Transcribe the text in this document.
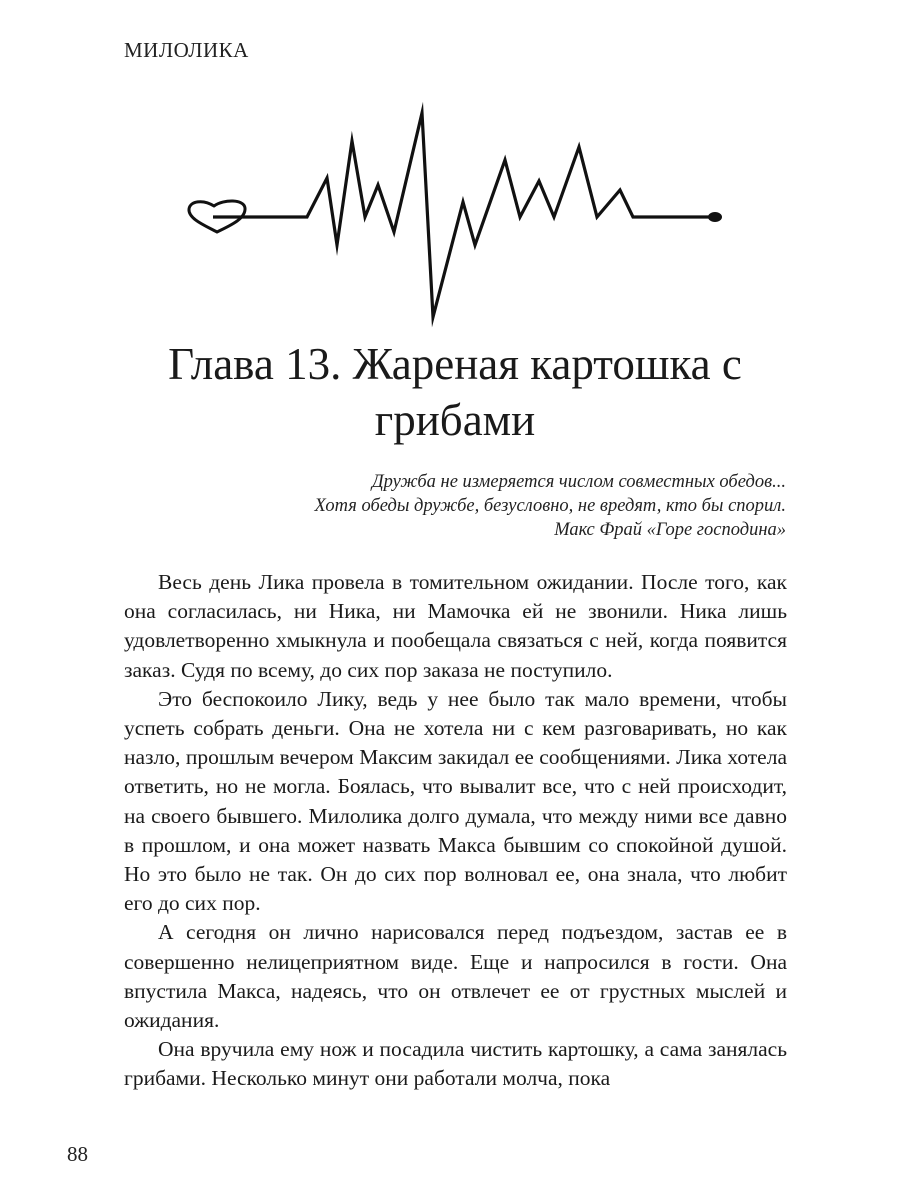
МИЛОЛИКА
Глава 13. Жареная картошка с
грибами
Дружба не измеряется числом совместных обедов...
Хотя обеды дружбе, безусловно, не вредят, кто бы спорил.
Макс Фрай «Горе господина»

Весь день Лика провела в томительном ожидании. После того, как она согласилась, ни Ника, ни Мамочка ей не звонили. Ника лишь удовлетворенно хмыкнула и пообещала связаться с ней, когда появится заказ. Судя по всему, до сих пор заказа не поступило.

Это беспокоило Лику, ведь у нее было так мало времени, чтобы успеть собрать деньги. Она не хотела ни с кем разговаривать, но как назло, прошлым вечером Максим закидал ее сообщениями. Лика хотела ответить, но не могла. Боялась, что вывалит все, что с ней происходит, на своего бывшего. Милолика долго думала, что между ними все давно в прошлом, и она может назвать Макса бывшим со спокойной душой. Но это было не так. Он до сих пор волновал ее, она знала, что любит его до сих пор.

А сегодня он лично нарисовался перед подъездом, застав ее в совершенно нелицеприятном виде. Еще и напросился в гости. Она впустила Макса, надеясь, что он отвлечет ее от грустных мыслей и ожидания.

Она вручила ему нож и посадила чистить картошку, а сама занялась грибами. Несколько минут они работали молча, пока

88
